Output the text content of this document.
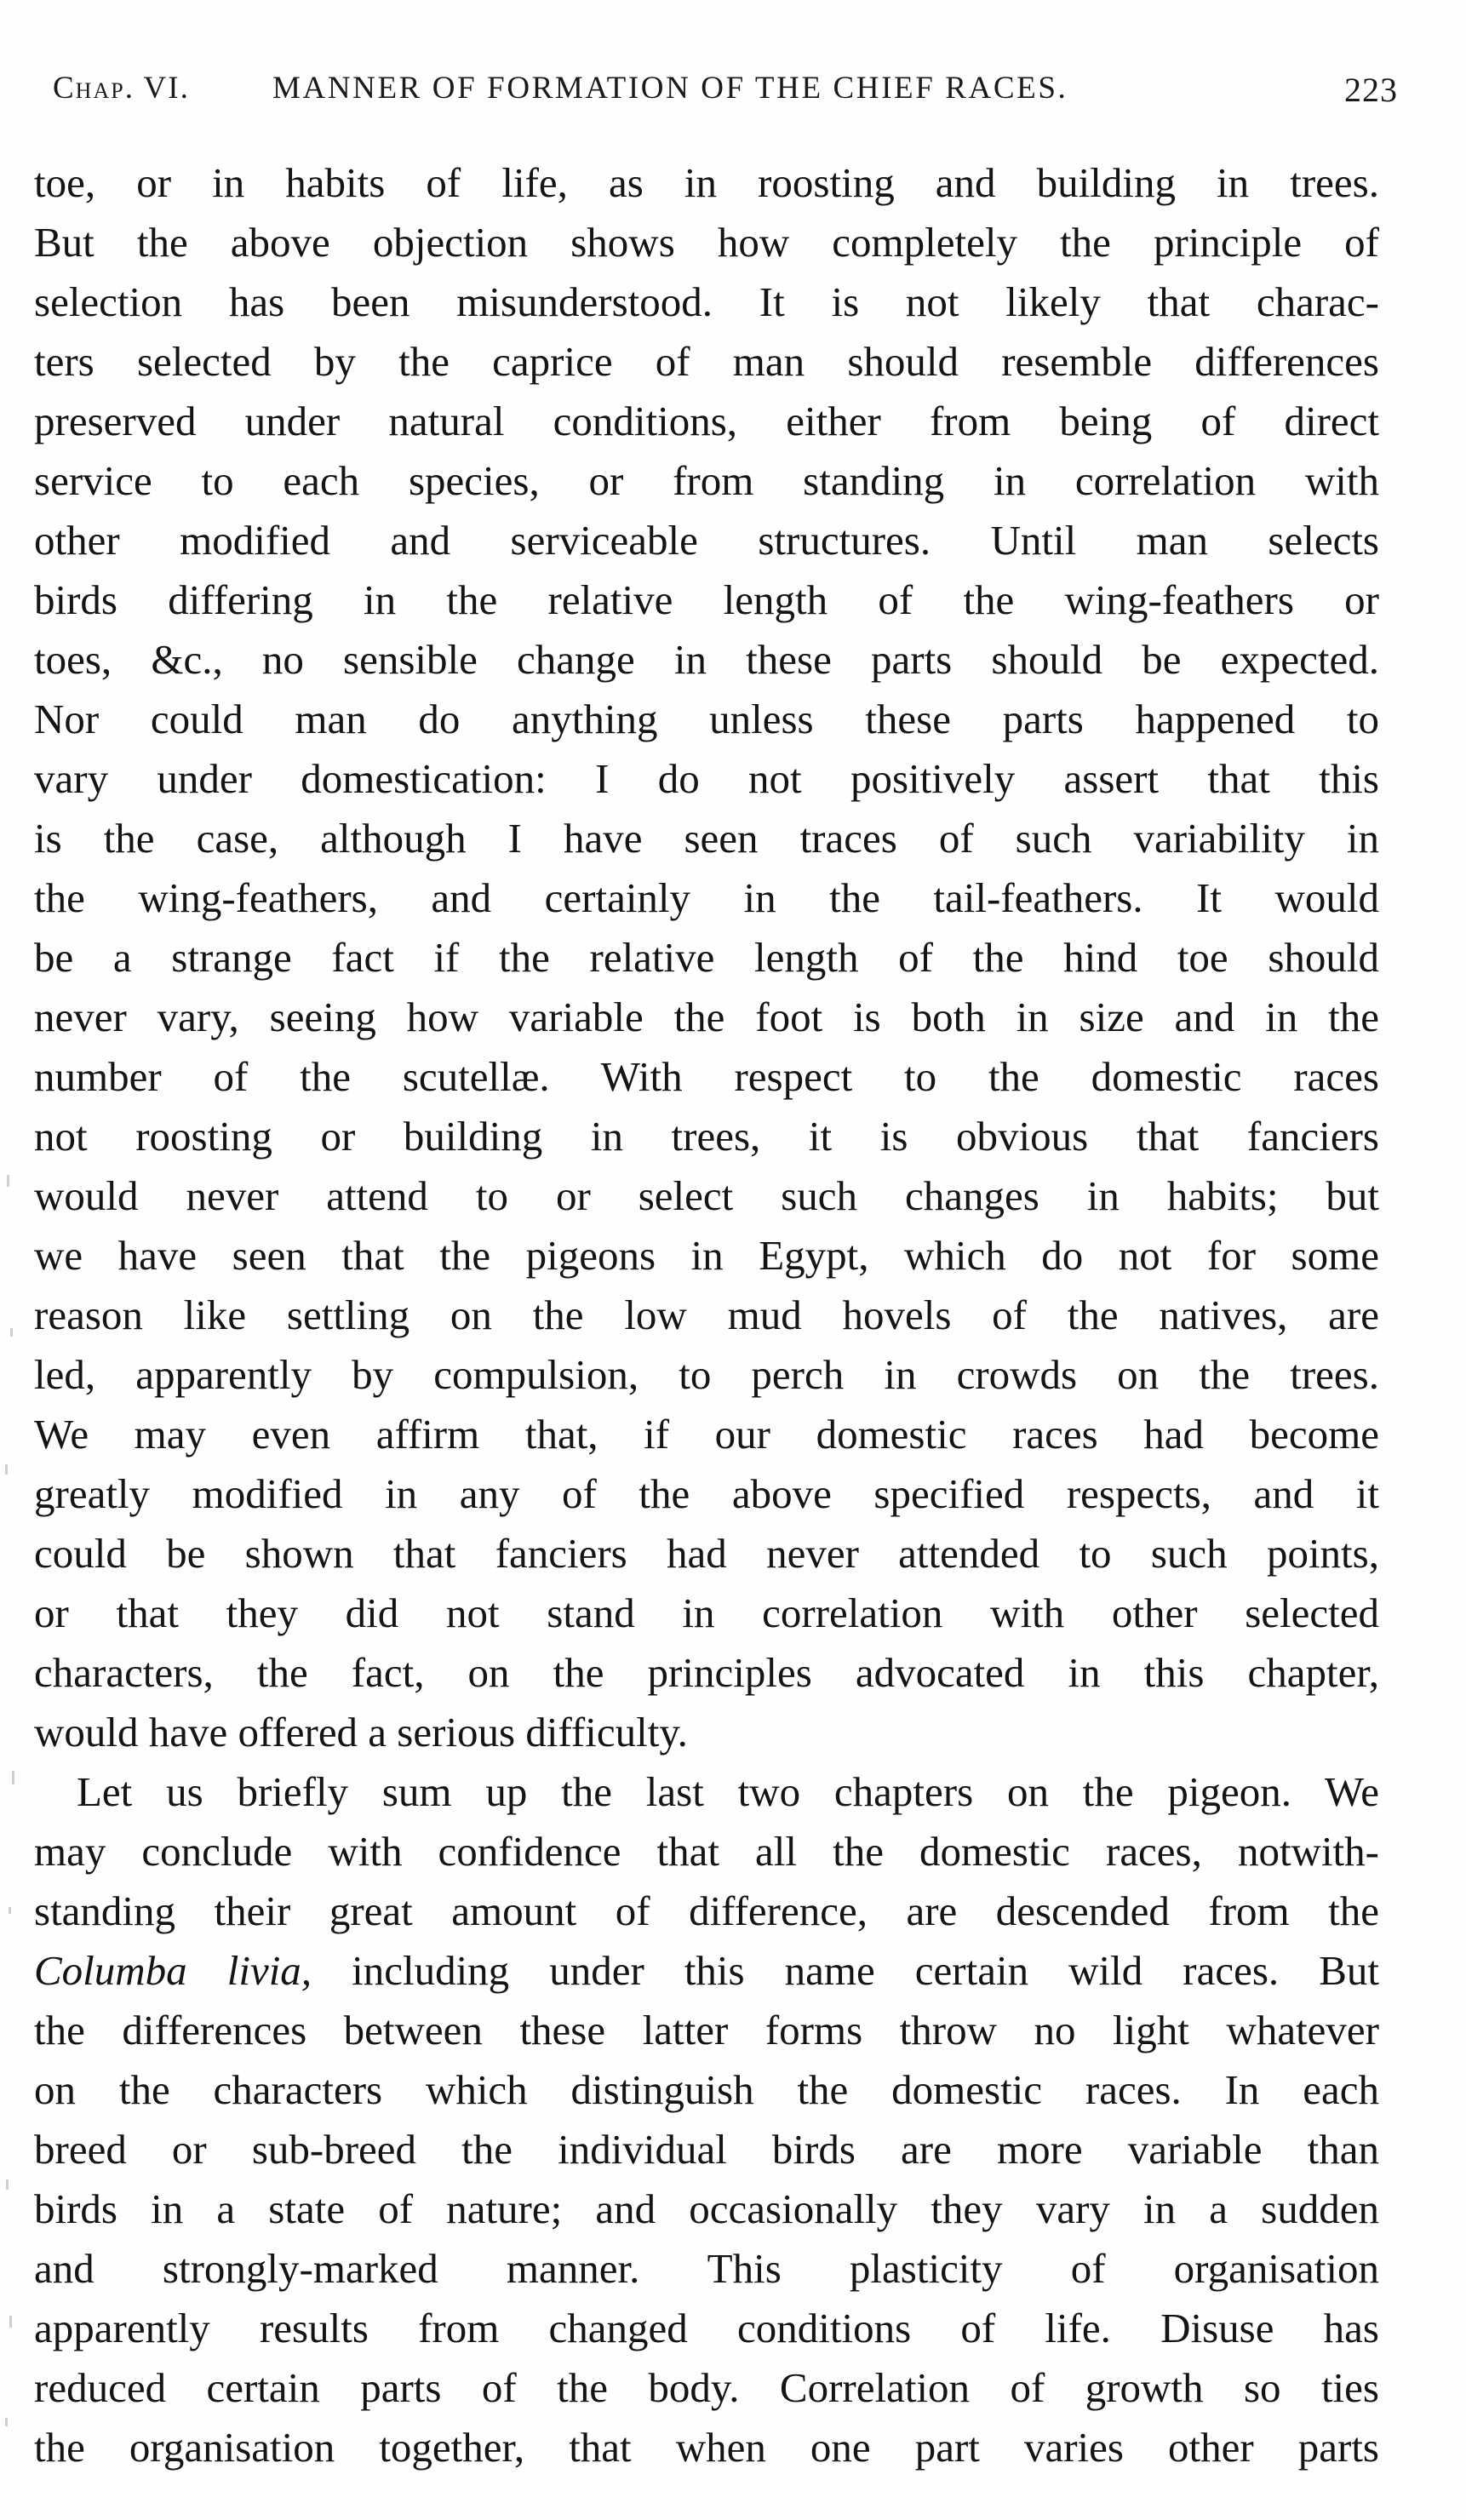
Chap. VI.	MANNER OF FORMATION OF THE CHIEF RACES.	223
toe, or in habits of life, as in roosting and building in trees.
But the above objection shows how completely the principle of
selection has been misunderstood. It is not likely that charac-
ters selected by the caprice of man should resemble differences
preserved under natural conditions, either from being of direct
service to each species, or from standing in correlation with
other modified and serviceable structures. Until man selects
birds differing in the relative length of the wing-feathers or
toes, &c., no sensible change in these parts should be expected.
Nor could man do anything unless these parts happened to
vary under domestication: I do not positively assert that this
is the case, although I have seen traces of such variability in
the wing-feathers, and certainly in the tail-feathers. It would
be a strange fact if the relative length of the hind toe should
never vary, seeing how variable the foot is both in size and in the
number of the scutellæ. With respect to the domestic races
not roosting or building in trees, it is obvious that fanciers
would never attend to or select such changes in habits; but
we have seen that the pigeons in Egypt, which do not for some
reason like settling on the low mud hovels of the natives, are
led, apparently by compulsion, to perch in crowds on the trees.
We may even affirm that, if our domestic races had become
greatly modified in any of the above specified respects, and it
could be shown that fanciers had never attended to such points,
or that they did not stand in correlation with other selected
characters, the fact, on the principles advocated in this chapter,
would have offered a serious difficulty.
Let us briefly sum up the last two chapters on the pigeon. We
may conclude with confidence that all the domestic races, notwith-
standing their great amount of difference, are descended from the
Columba livia, including under this name certain wild races. But
the differences between these latter forms throw no light whatever
on the characters which distinguish the domestic races. In each
breed or sub-breed the individual birds are more variable than
birds in a state of nature; and occasionally they vary in a sudden
and strongly-marked manner. This plasticity of organisation
apparently results from changed conditions of life. Disuse has
reduced certain parts of the body. Correlation of growth so ties
the organisation together, that when one part varies other parts
